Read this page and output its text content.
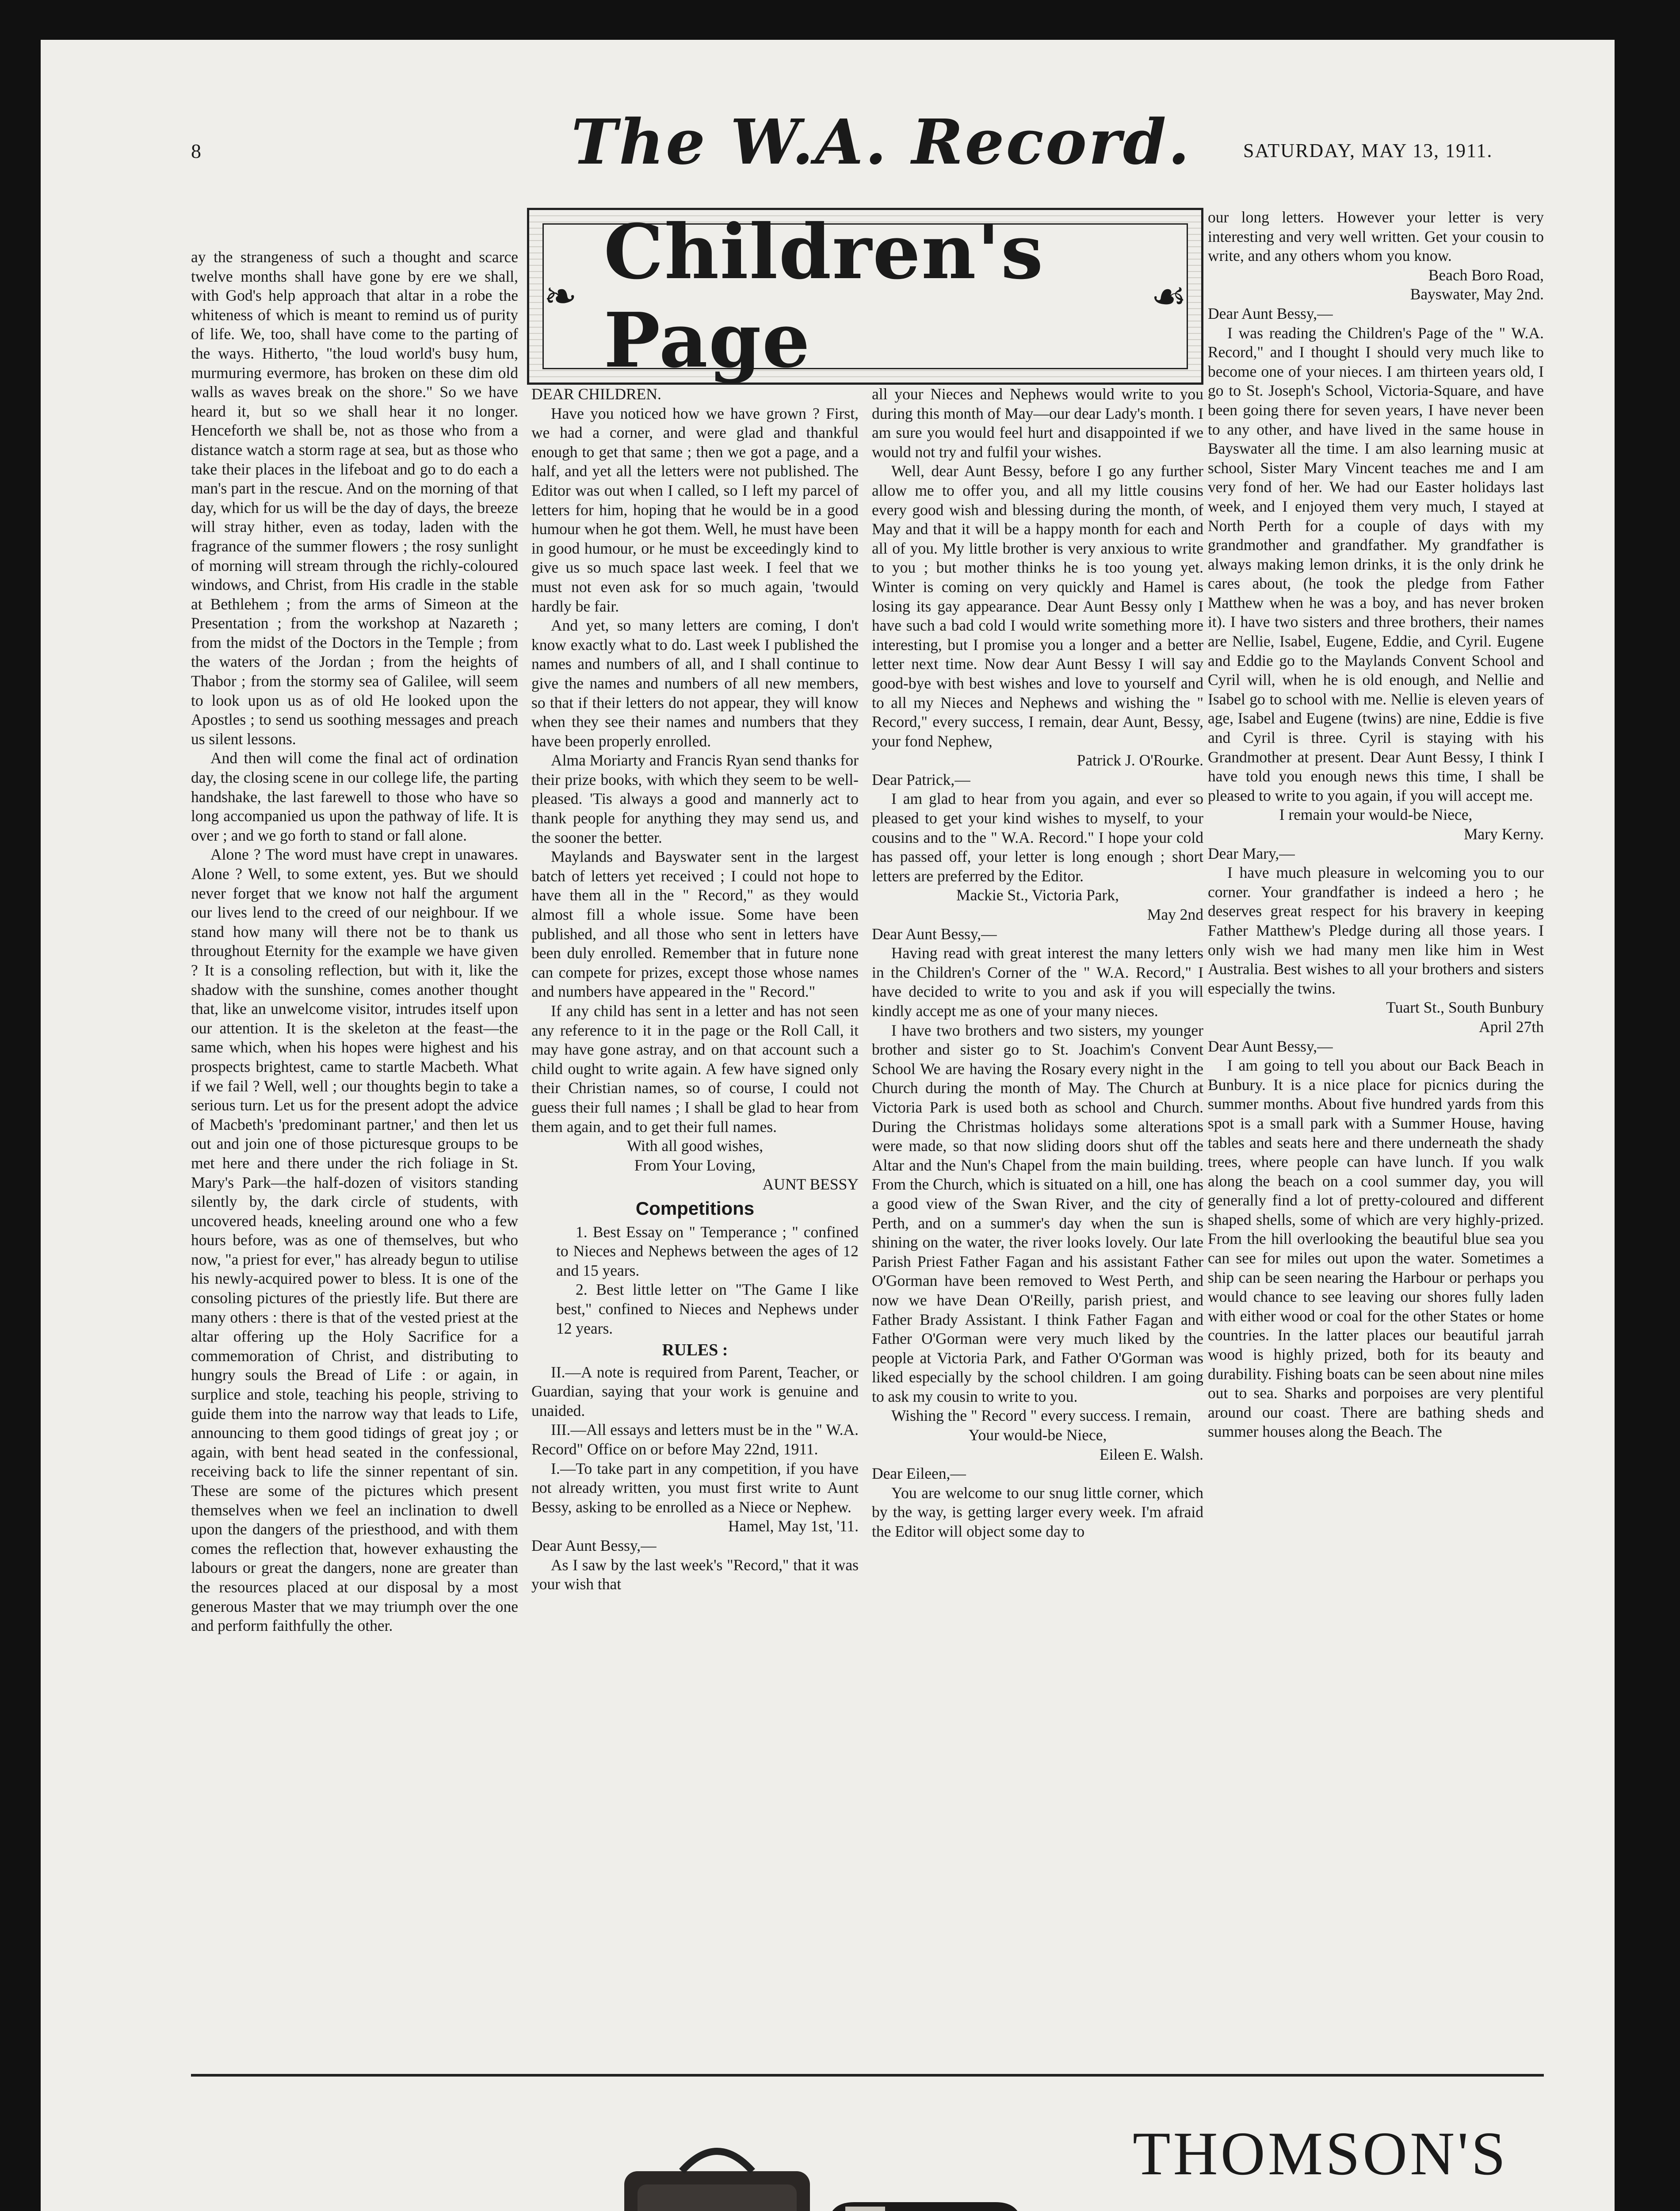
8	The W.A. Record.	SATURDAY, MAY 13, 1911.

ay the strangeness of such a thought and scarce twelve months shall have gone by ere we shall, with God's help approach that altar in a robe the whiteness of which is meant to remind us of purity of life. We, too, shall have come to the parting of the ways. Hitherto, "the loud world's busy hum, murmuring evermore, has broken on these dim old walls as waves break on the shore." So we have heard it, but so we shall hear it no longer. Henceforth we shall be, not as those who from a distance watch a storm rage at sea, but as those who take their places in the lifeboat and go to do each a man's part in the rescue. And on the morning of that day, which for us will be the day of days, the breeze will stray hither, even as today, laden with the fragrance of the summer flowers ; the rosy sunlight of morning will stream through the richly-coloured windows, and Christ, from His cradle in the stable at Bethlehem ; from the arms of Simeon at the Presentation ; from the workshop at Nazareth ; from the midst of the Doctors in the Temple ; from the waters of the Jordan ; from the heights of Thabor ; from the stormy sea of Galilee, will seem to look upon us as of old He looked upon the Apostles ; to send us soothing messages and preach us silent lessons.

And then will come the final act of ordination day, the closing scene in our college life, the parting handshake, the last farewell to those who have so long accompanied us upon the pathway of life. It is over ; and we go forth to stand or fall alone.

Alone ? The word must have crept in unawares. Alone ? Well, to some extent, yes. But we should never forget that we know not half the argument our lives lend to the creed of our neighbour. If we stand how many will there not be to thank us throughout Eternity for the example we have given ? It is a consoling reflection, but with it, like the shadow with the sunshine, comes another thought that, like an unwelcome visitor, intrudes itself upon our attention. It is the skeleton at the feast—the same which, when his hopes were highest and his prospects brightest, came to startle Macbeth. What if we fail ? Well, well ; our thoughts begin to take a serious turn. Let us for the present adopt the advice of Macbeth's 'predominant partner,' and then let us out and join one of those picturesque groups to be met here and there under the rich foliage in St. Mary's Park—the half-dozen of visitors standing silently by, the dark circle of students, with uncovered heads, kneeling around one who a few hours before, was as one of themselves, but who now, "a priest for ever," has already begun to utilise his newly-acquired power to bless. It is one of the consoling pictures of the priestly life. But there are many others : there is that of the vested priest at the altar offering up the Holy Sacrifice for a commemoration of Christ, and distributing to hungry souls the Bread of Life : or again, in surplice and stole, teaching his people, striving to guide them into the narrow way that leads to Life, announcing to them good tidings of great joy ; or again, with bent head seated in the confessional, receiving back to life the sinner repentant of sin. These are some of the pictures which present themselves when we feel an inclination to dwell upon the dangers of the priesthood, and with them comes the reflection that, however exhausting the labours or great the dangers, none are greater than the resources placed at our disposal by a most generous Master that we may triumph over the one and perform faithfully the other.

❧
Children's Page	☙

DEAR CHILDREN.

Have you noticed how we have grown ? First, we had a corner, and were glad and thankful enough to get that same ; then we got a page, and a half, and yet all the letters were not published. The Editor was out when I called, so I left my parcel of letters for him, hoping that he would be in a good humour when he got them. Well, he must have been in good humour, or he must be exceedingly kind to give us so much space last week. I feel that we must not even ask for so much again, 'twould hardly be fair.

And yet, so many letters are coming, I don't know exactly what to do. Last week I published the names and numbers of all, and I shall continue to give the names and numbers of all new members, so that if their letters do not appear, they will know when they see their names and numbers that they have been properly enrolled.

Alma Moriarty and Francis Ryan send thanks for their prize books, with which they seem to be well-pleased. 'Tis always a good and mannerly act to thank people for anything they may send us, and the sooner the better.

Maylands and Bayswater sent in the largest batch of letters yet received ; I could not hope to have them all in the " Record," as they would almost fill a whole issue. Some have been published, and all those who sent in letters have been duly enrolled. Remember that in future none can compete for prizes, except those whose names and numbers have appeared in the " Record."

If any child has sent in a letter and has not seen any reference to it in the page or the Roll Call, it may have gone astray, and on that account such a child ought to write again. A few have signed only their Christian names, so of course, I could not guess their full names ; I shall be glad to hear from them again, and to get their full names.

With all good wishes,

From Your Loving,

AUNT BESSY

Competitions

1. Best Essay on " Temperance ; " confined to Nieces and Nephews between the ages of 12 and 15 years.

2. Best little letter on "The Game I like best," confined to Nieces and Nephews under 12 years.

RULES :

II.—A note is required from Parent, Teacher, or Guardian, saying that your work is genuine and unaided.

III.—All essays and letters must be in the " W.A. Record" Office on or before May 22nd, 1911.

I.—To take part in any competition, if you have not already written, you must first write to Aunt Bessy, asking to be enrolled as a Niece or Nephew.

Hamel, May 1st, '11.

Dear Aunt Bessy,—

As I saw by the last week's "Record," that it was your wish that

all your Nieces and Nephews would write to you during this month of May—our dear Lady's month. I am sure you would feel hurt and disappointed if we would not try and fulfil your wishes.

Well, dear Aunt Bessy, before I go any further allow me to offer you, and all my little cousins every good wish and blessing during the month, of May and that it will be a happy month for each and all of you. My little brother is very anxious to write to you ; but mother thinks he is too young yet. Winter is coming on very quickly and Hamel is losing its gay appearance. Dear Aunt Bessy only I have such a bad cold I would write something more interesting, but I promise you a longer and a better letter next time. Now dear Aunt Bessy I will say good-bye with best wishes and love to yourself and to all my Nieces and Nephews and wishing the " Record," every success, I remain, dear Aunt, Bessy, your fond Nephew,

Patrick J. O'Rourke.

Dear Patrick,—

I am glad to hear from you again, and ever so pleased to get your kind wishes to myself, to your cousins and to the " W.A. Record." I hope your cold has passed off, your letter is long enough ; short letters are preferred by the Editor.

Mackie St., Victoria Park,

May 2nd

Dear Aunt Bessy,—

Having read with great interest the many letters in the Children's Corner of the " W.A. Record," I have decided to write to you and ask if you will kindly accept me as one of your many nieces.

I have two brothers and two sisters, my younger brother and sister go to St. Joachim's Convent School We are having the Rosary every night in the Church during the month of May. The Church at Victoria Park is used both as school and Church. During the Christmas holidays some alterations were made, so that now sliding doors shut off the Altar and the Nun's Chapel from the main building. From the Church, which is situated on a hill, one has a good view of the Swan River, and the city of Perth, and on a summer's day when the sun is shining on the water, the river looks lovely. Our late Parish Priest Father Fagan and his assistant Father O'Gorman have been removed to West Perth, and now we have Dean O'Reilly, parish priest, and Father Brady Assistant. I think Father Fagan and Father O'Gorman were very much liked by the people at Victoria Park, and Father O'Gorman was liked especially by the school children. I am going to ask my cousin to write to you.

Wishing the " Record " every success. I remain,

Your would-be Niece,

Eileen E. Walsh.

Dear Eileen,—

You are welcome to our snug little corner, which by the way, is getting larger every week. I'm afraid the Editor will object some day to

our long letters. However your letter is very interesting and very well written. Get your cousin to write, and any others whom you know.

Beach Boro Road,

Bayswater, May 2nd.

Dear Aunt Bessy,—

I was reading the Children's Page of the " W.A. Record," and I thought I should very much like to become one of your nieces. I am thirteen years old, I go to St. Joseph's School, Victoria-Square, and have been going there for seven years, I have never been to any other, and have lived in the same house in Bayswater all the time. I am also learning music at school, Sister Mary Vincent teaches me and I am very fond of her. We had our Easter holidays last week, and I enjoyed them very much, I stayed at North Perth for a couple of days with my grandmother and grandfather. My grandfather is always making lemon drinks, it is the only drink he cares about, (he took the pledge from Father Matthew when he was a boy, and has never broken it). I have two sisters and three brothers, their names are Nellie, Isabel, Eugene, Eddie, and Cyril. Eugene and Eddie go to the Maylands Convent School and Cyril will, when he is old enough, and Nellie and Isabel go to school with me. Nellie is eleven years of age, Isabel and Eugene (twins) are nine, Eddie is five and Cyril is three. Cyril is staying with his Grandmother at present. Dear Aunt Bessy, I think I have told you enough news this time, I shall be pleased to write to you again, if you will accept me.

I remain your would-be Niece,

Mary Kerny.

Dear Mary,—

I have much pleasure in welcoming you to our corner. Your grandfather is indeed a hero ; he deserves great respect for his bravery in keeping Father Matthew's Pledge during all those years. I only wish we had many men like him in West Australia. Best wishes to all your brothers and sisters especially the twins.

Tuart St., South Bunbury

April 27th

Dear Aunt Bessy,—

I am going to tell you about our Back Beach in Bunbury. It is a nice place for picnics during the summer months. About five hundred yards from this spot is a small park with a Summer House, having tables and seats here and there underneath the shady trees, where people can have lunch. If you walk along the beach on a cool summer day, you will generally find a lot of pretty-coloured and different shaped shells, some of which are very highly-prized. From the hill overlooking the beautiful blue sea you can see for miles out upon the water. Sometimes a ship can be seen nearing the Harbour or perhaps you would chance to see leaving our shores fully laden with either wood or coal for the other States or home countries. In the latter places our beautiful jarrah wood is highly prized, both for its beauty and durability. Fishing boats can be seen about nine miles out to sea. Sharks and porpoises are very plentiful around our coast. There are bathing sheds and summer houses along the Beach. The

THOMSON'S
